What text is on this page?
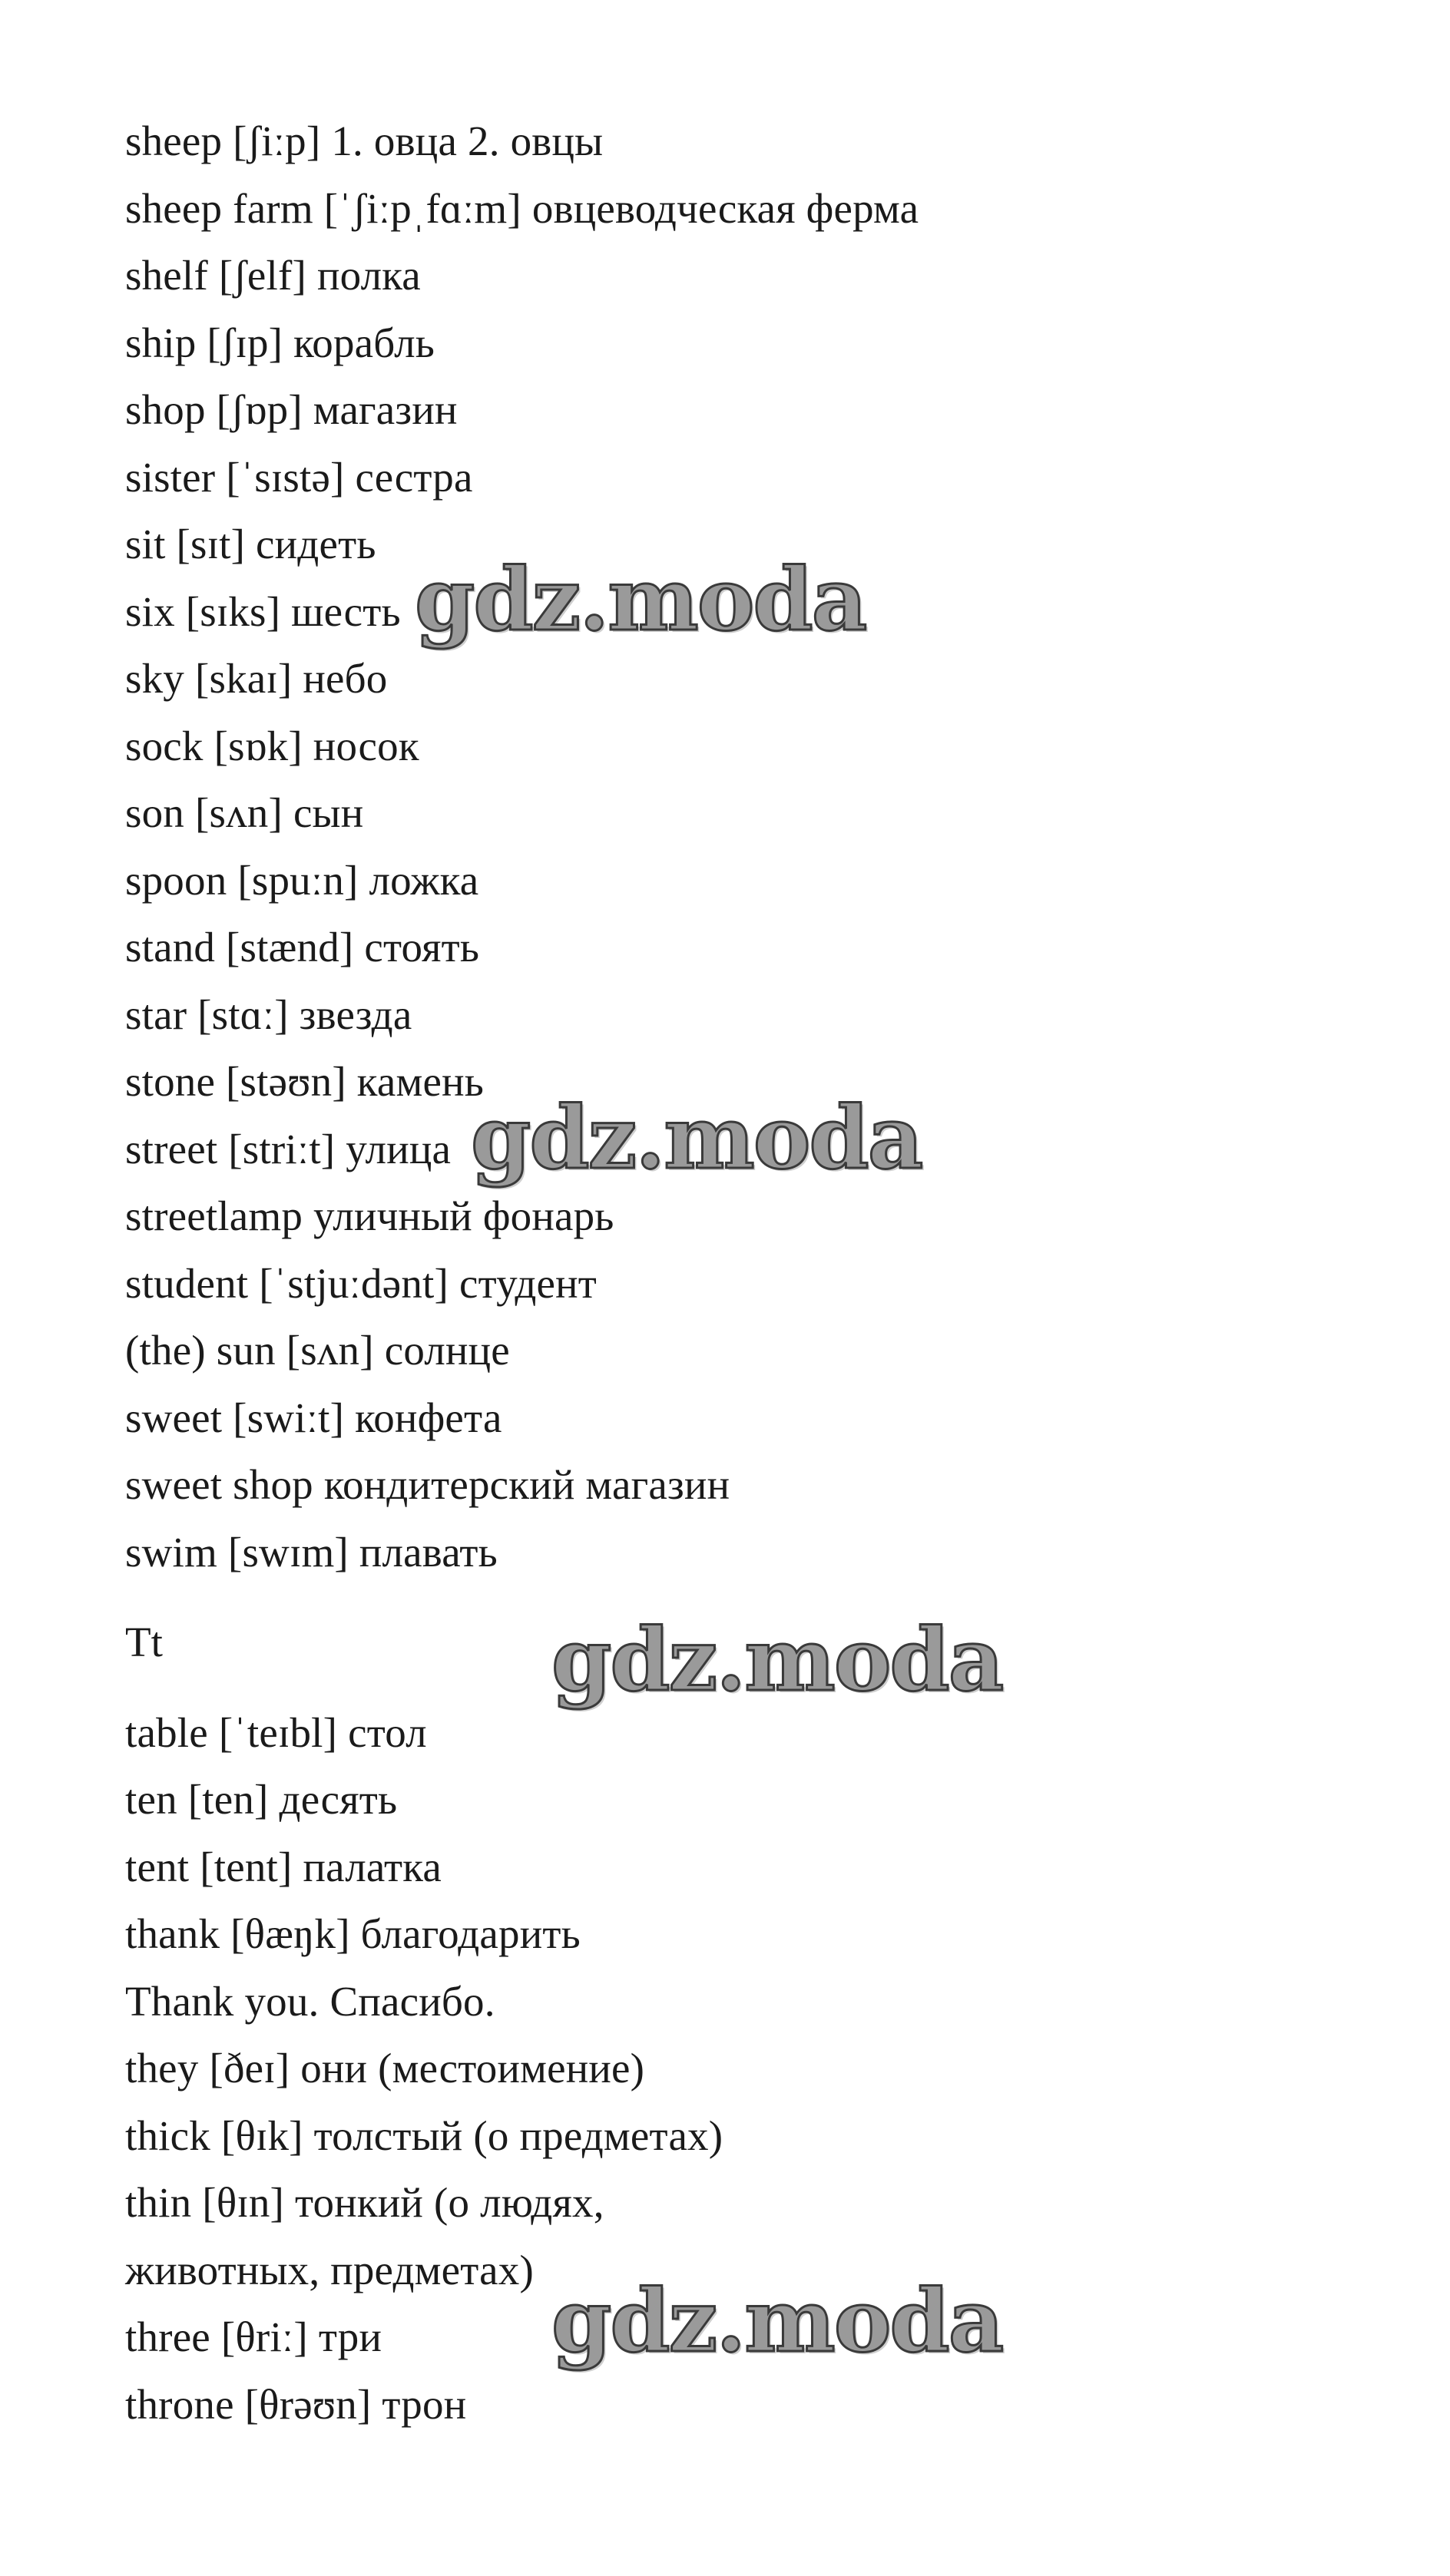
sheep [ʃiːp] 1. овца 2. овцы
sheep farm [ˈʃiːpˌfɑːm] овцеводческая ферма
shelf [ʃelf] полка
ship [ʃɪp] корабль
shop [ʃɒp] магазин
sister [ˈsɪstə] сестра
sit [sɪt] сидеть
six [sɪks] шесть
sky [skaɪ] небо
sock [sɒk] носок
son [sʌn] сын
spoon [spuːn] ложка
stand [stænd] стоять
star [stɑː] звезда
stone [stəʊn] камень
street [striːt] улица
streetlamp уличный фонарь
student [ˈstjuːdənt] студент
(the) sun [sʌn] солнце
sweet [swiːt] конфета
sweet shop кондитерский магазин
swim [swɪm] плавать
Tt
table [ˈteɪbl] стол
ten [ten] десять
tent [tent] палатка
thank [θæŋk] благодарить
Thank you. Спасибо.
they [ðeɪ] они (местоимение)
thick [θɪk] толстый (о предметах)
thin [θɪn] тонкий (о людях,
животных, предметах)
three [θriː] три
throne [θrəʊn] трон
gdz.moda
gdz.moda
gdz.moda
gdz.moda
